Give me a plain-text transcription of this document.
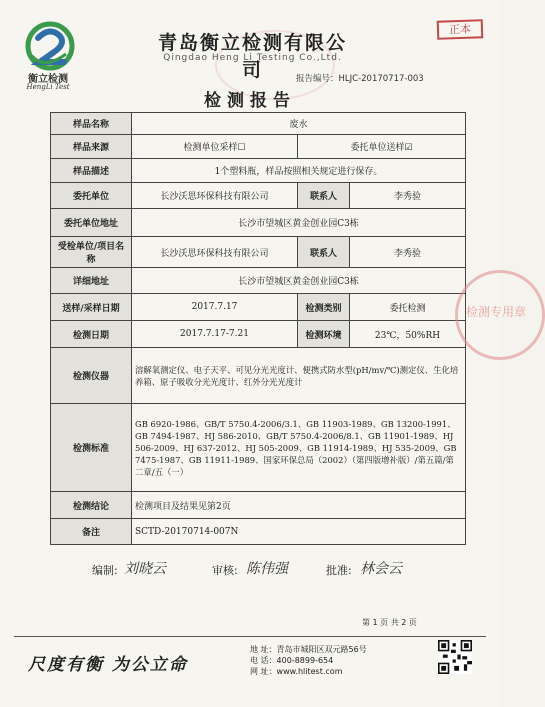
衡立检测
HengLi Test
青岛衡立检测有限公司
Qingdao Heng Li Testing Co.,Ltd.
正本
报告编号：HLJC-20170717-003
检测报告
样品名称	废水		
样品来源	检测单位采样☐	委托单位送样☑	
样品描述	1个塑料瓶，样品按照相关规定进行保存。		
委托单位	长沙沃思环保科技有限公司	联系人	李秀验
委托单位地址	长沙市望城区黄金创业园C3栋		
受检单位/项目名称	长沙沃思环保科技有限公司	联系人	李秀验
详细地址	长沙市望城区黄金创业园C3栋		
送样/采样日期	2017.7.17	检测类别	委托检测
检测日期	2017.7.17-7.21	检测环境	23℃，50%RH
检测仪器	溶解氧测定仪、电子天平、可见分光光度计、便携式防水型(pH/mv/℃)测定仪、生化培养箱、原子吸收分光光度计、红外分光光度计		
检测标准	GB 6920-1986、GB/T 5750.4-2006/3.1、GB 11903-1989、GB 13200-1991、GB 7494-1987、HJ 586-2010、GB/T 5750.4-2006/8.1、GB 11901-1989、HJ 506-2009、HJ 637-2012、HJ 505-2009、GB 11914-1989、HJ 535-2009、GB 7475-1987、GB 11911-1989、国家环保总局（2002）（第四版增补版）/第五篇/第二章/五（一）		
检测结论	检测项目及结果见第2页		
备注	SCTD-20170714-007N		
检测专用章
编制: 刘晓云	审核: 陈伟强	批准: 林会云
第 1 页 共 2 页
尺度有衡 为公立命
地 址：青岛市城阳区双元路56号
电 话：400-8899-654
网 址：www.hlitest.com
